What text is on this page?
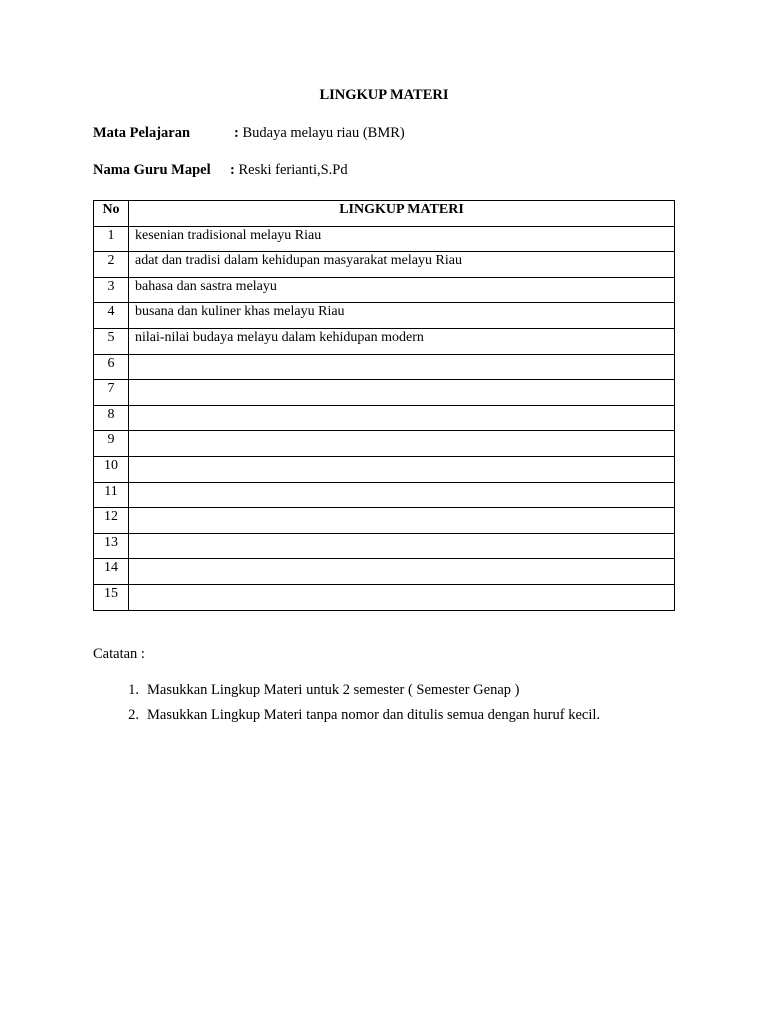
LINGKUP MATERI
Mata Pelajaran	: Budaya melayu riau (BMR)
Nama Guru Mapel : Reski ferianti,S.Pd
No	LINGKUP MATERI
1	kesenian tradisional melayu Riau
2	adat dan tradisi dalam kehidupan masyarakat melayu Riau
3	bahasa dan sastra melayu
4	busana dan kuliner khas melayu Riau
5	nilai-nilai budaya melayu dalam kehidupan modern
6	
7	
8	
9	
10	
11	
12	
13	
14	
15	
Catatan :
1. Masukkan Lingkup Materi untuk 2 semester ( Semester Genap )
2. Masukkan Lingkup Materi tanpa nomor dan ditulis semua dengan huruf kecil.
